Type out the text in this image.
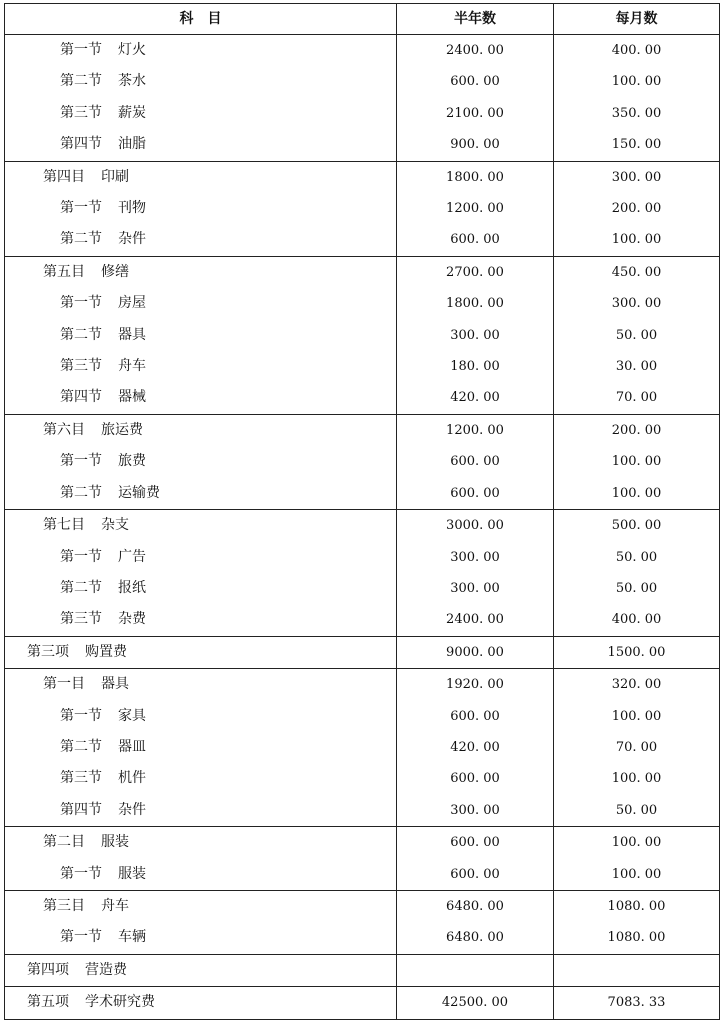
科　目	半年数	每月数
第一节 灯火	2400. 00	400. 00
第二节 茶水	600. 00	100. 00
第三节 薪炭	2100. 00	350. 00
第四节 油脂	900. 00	150. 00
第四目 印刷	1800. 00	300. 00
第一节 刊物	1200. 00	200. 00
第二节 杂件	600. 00	100. 00
第五目 修缮	2700. 00	450. 00
第一节 房屋	1800. 00	300. 00
第二节 器具	300. 00	50. 00
第三节 舟车	180. 00	30. 00
第四节 器械	420. 00	70. 00
第六目 旅运费	1200. 00	200. 00
第一节 旅费	600. 00	100. 00
第二节 运输费	600. 00	100. 00
第七目 杂支	3000. 00	500. 00
第一节 广告	300. 00	50. 00
第二节 报纸	300. 00	50. 00
第三节 杂费	2400. 00	400. 00
第三项 购置费	9000. 00	1500. 00
第一目 器具	1920. 00	320. 00
第一节 家具	600. 00	100. 00
第二节 器皿	420. 00	70. 00
第三节 机件	600. 00	100. 00
第四节 杂件	300. 00	50. 00
第二目 服装	600. 00	100. 00
第一节 服装	600. 00	100. 00
第三目 舟车	6480. 00	1080. 00
第一节 车辆	6480. 00	1080. 00
第四项 营造费		
第五项 学术研究费	42500. 00	7083. 33
